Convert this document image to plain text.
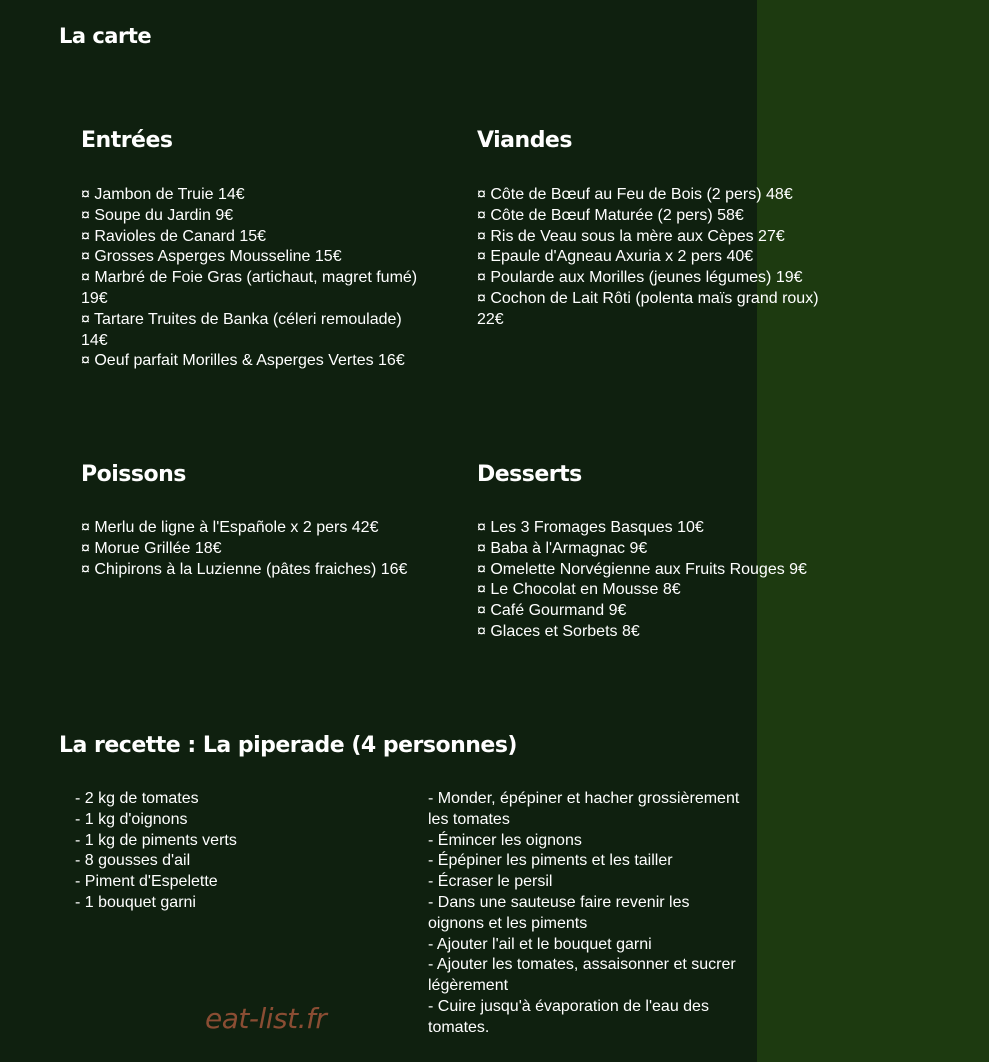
La carte
Entrées
¤ Jambon de Truie 14€
¤ Soupe du Jardin 9€
¤ Ravioles de Canard 15€
¤ Grosses Asperges Mousseline 15€
¤ Marbré de Foie Gras (artichaut, magret fumé) 19€
¤ Tartare Truites de Banka (céleri remoulade) 14€
¤ Oeuf parfait Morilles & Asperges Vertes 16€
Viandes
¤ Côte de Bœuf au Feu de Bois (2 pers) 48€
¤ Côte de Bœuf Maturée (2 pers) 58€
¤ Ris de Veau sous la mère aux Cèpes 27€
¤ Epaule d'Agneau Axuria x 2 pers 40€
¤ Poularde aux Morilles (jeunes légumes) 19€
¤ Cochon de Lait Rôti (polenta maïs grand roux) 22€
Poissons
¤ Merlu de ligne à l'Españole x 2 pers 42€
¤ Morue Grillée 18€
¤ Chipirons à la Luzienne (pâtes fraiches) 16€
Desserts
¤ Les 3 Fromages Basques 10€
¤ Baba à l'Armagnac 9€
¤ Omelette Norvégienne aux Fruits Rouges 9€
¤ Le Chocolat en Mousse 8€
¤ Café Gourmand 9€
¤ Glaces et Sorbets 8€
La recette : La piperade (4 personnes)
- 2 kg de tomates
- 1 kg d'oignons
- 1 kg de piments verts
- 8 gousses d'ail
- Piment d'Espelette
- 1 bouquet garni
- Monder, épépiner et hacher grossièrement les tomates
- Émincer les oignons
- Épépiner les piments et les tailler
- Écraser le persil
- Dans une sauteuse faire revenir les oignons et les piments
- Ajouter l'ail et le bouquet garni
- Ajouter les tomates, assaisonner et sucrer légèrement
- Cuire jusqu'à évaporation de l'eau des tomates.
eat-list.fr
